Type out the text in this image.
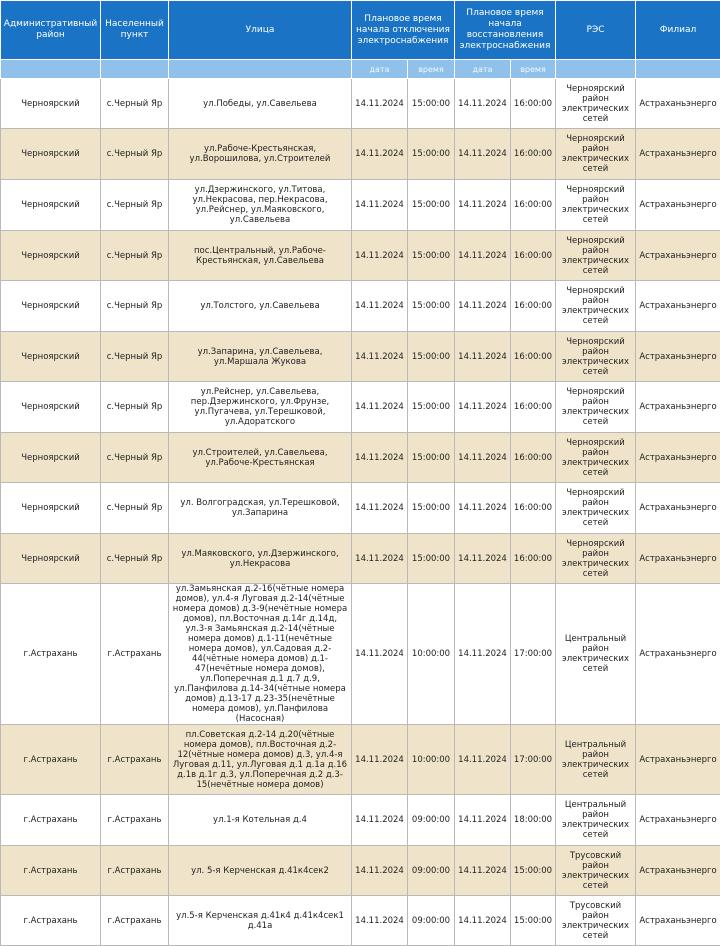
Административный район	Населенный пункт	Улица	Плановое время начала отключения электроснабжения		Плановое время начала восстановления электроснабжения		РЭС	Филиал
			дата	время	дата	время		
Черноярский	с.Черный Яр	ул.Победы, ул.Савельева	14.11.2024	15:00:00	14.11.2024	16:00:00	Черноярский район электрических сетей	Астраханьэнерго
Черноярский	с.Черный Яр	ул.Рабоче-Крестьянская, ул.Ворошилова, ул.Строителей	14.11.2024	15:00:00	14.11.2024	16:00:00	Черноярский район электрических сетей	Астраханьэнерго
Черноярский	с.Черный Яр	ул.Дзержинского, ул.Титова, ул.Некрасова, пер.Некрасова, ул.Рейснер, ул.Маяковского, ул.Савельева	14.11.2024	15:00:00	14.11.2024	16:00:00	Черноярский район электрических сетей	Астраханьэнерго
Черноярский	с.Черный Яр	пос.Центральный, ул.Рабоче-Крестьянская, ул.Савельева	14.11.2024	15:00:00	14.11.2024	16:00:00	Черноярский район электрических сетей	Астраханьэнерго
Черноярский	с.Черный Яр	ул.Толстого, ул.Савельева	14.11.2024	15:00:00	14.11.2024	16:00:00	Черноярский район электрических сетей	Астраханьэнерго
Черноярский	с.Черный Яр	ул.Запарина, ул.Савельева, ул.Маршала Жукова	14.11.2024	15:00:00	14.11.2024	16:00:00	Черноярский район электрических сетей	Астраханьэнерго
Черноярский	с.Черный Яр	ул.Рейснер, ул.Савельева, пер.Дзержинского, ул.Фрунзе, ул.Пугачева, ул.Терешковой, ул.Адоратского	14.11.2024	15:00:00	14.11.2024	16:00:00	Черноярский район электрических сетей	Астраханьэнерго
Черноярский	с.Черный Яр	ул.Строителей, ул.Савельева, ул.Рабоче-Крестьянская	14.11.2024	15:00:00	14.11.2024	16:00:00	Черноярский район электрических сетей	Астраханьэнерго
Черноярский	с.Черный Яр	ул. Волгоградская, ул.Терешковой, ул.Запарина	14.11.2024	15:00:00	14.11.2024	16:00:00	Черноярский район электрических сетей	Астраханьэнерго
Черноярский	с.Черный Яр	ул.Маяковского, ул.Дзержинского, ул.Некрасова	14.11.2024	15:00:00	14.11.2024	16:00:00	Черноярский район электрических сетей	Астраханьэнерго
г.Астрахань	г.Астрахань	ул.Замьянская д.2-16(чётные номера домов), ул.4-я Луговая д.2-14(чётные номера домов) д.3-9(нечётные номера домов), пл.Восточная д.14г д.14д, ул.3-я Замьянская д.2-14(чётные номера домов) д.1-11(нечётные номера домов), ул.Садовая д.2-44(чётные номера домов) д.1-47(нечётные номера домов), ул.Поперечная д.1 д.7 д.9, ул.Панфилова д.14-34(чётные номера домов) д.13-17 д.23-35(нечётные номера домов), ул.Панфилова (Насосная)	14.11.2024	10:00:00	14.11.2024	17:00:00	Центральный район электрических сетей	Астраханьэнерго
г.Астрахань	г.Астрахань	пл.Советская д.2-14 д.20(чётные номера домов), пл.Восточная д.2-12(чётные номера домов) д.3, ул.4-я Луговая д.11, ул.Луговая д.1 д.1а д.16 д.1в д.1г д.3, ул.Поперечная д.2 д.3-15(нечётные номера домов)	14.11.2024	10:00:00	14.11.2024	17:00:00	Центральный район электрических сетей	Астраханьэнерго
г.Астрахань	г.Астрахань	ул.1-я Котельная д.4	14.11.2024	09:00:00	14.11.2024	18:00:00	Центральный район электрических сетей	Астраханьэнерго
г.Астрахань	г.Астрахань	ул. 5-я Керченская д.41к4сек2	14.11.2024	09:00:00	14.11.2024	15:00:00	Трусовский район электрических сетей	Астраханьэнерго
г.Астрахань	г.Астрахань	ул.5-я Керченская д.41к4 д.41к4сек1 д.41а	14.11.2024	09:00:00	14.11.2024	15:00:00	Трусовский район электрических сетей	Астраханьэнерго
